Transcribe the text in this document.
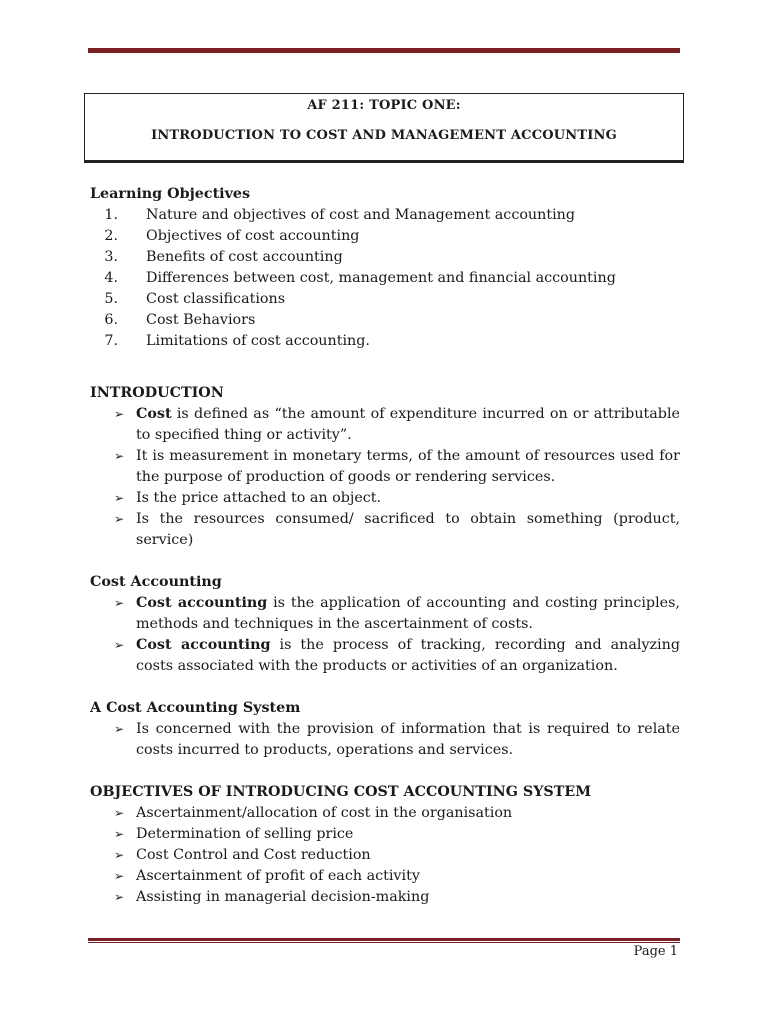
AF 211: TOPIC ONE:
INTRODUCTION TO COST AND MANAGEMENT ACCOUNTING

Learning Objectives

1.	Nature and objectives of cost and Management accounting
2.	Objectives of cost accounting
3.	Benefits of cost accounting
4.	Differences between cost, management and financial accounting
5.	Cost classifications
6.	Cost Behaviors
7.	Limitations of cost accounting.

INTRODUCTION

➢ Cost is defined as “the amount of expenditure incurred on or attributable to specified thing or activity”.
➢ It is measurement in monetary terms, of the amount of resources used for the purpose of production of goods or rendering services.
➢ Is the price attached to an object.
➢ Is the resources consumed/ sacrificed to obtain something (product, service)

Cost Accounting

➢ Cost accounting is the application of accounting and costing principles, methods and techniques in the ascertainment of costs.
➢ Cost accounting is the process of tracking, recording and analyzing costs associated with the products or activities of an organization.

A Cost Accounting System

➢ Is concerned with the provision of information that is required to relate costs incurred to products, operations and services.

OBJECTIVES OF INTRODUCING COST ACCOUNTING SYSTEM

➢ Ascertainment/allocation of cost in the organisation
➢ Determination of selling price
➢ Cost Control and Cost reduction
➢ Ascertainment of profit of each activity
➢ Assisting in managerial decision-making
Page 1
